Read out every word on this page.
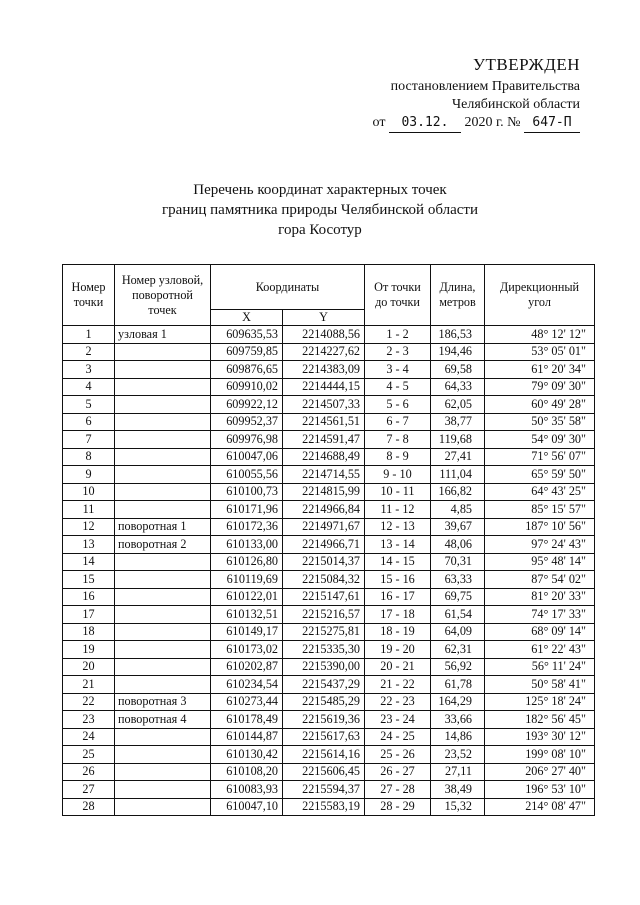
УТВЕРЖДЕН
постановлением Правительства
Челябинской области
от 03.12. 2020 г. № 647-П
Перечень координат характерных точек
границ памятника природы Челябинской области
гора Косотур
Номер точки	Номер узловой, поворотной точек	Координаты		От точки до точки	Длина, метров	Дирекционный угол
		X	Y			
1	узловая 1	609635,53	2214088,56	1 - 2	186,53	48° 12' 12"
2		609759,85	2214227,62	2 - 3	194,46	53° 05' 01"
3		609876,65	2214383,09	3 - 4	69,58	61° 20' 34"
4		609910,02	2214444,15	4 - 5	64,33	79° 09' 30"
5		609922,12	2214507,33	5 - 6	62,05	60° 49' 28"
6		609952,37	2214561,51	6 - 7	38,77	50° 35' 58"
7		609976,98	2214591,47	7 - 8	119,68	54° 09' 30"
8		610047,06	2214688,49	8 - 9	27,41	71° 56' 07"
9		610055,56	2214714,55	9 - 10	111,04	65° 59' 50"
10		610100,73	2214815,99	10 - 11	166,82	64° 43' 25"
11		610171,96	2214966,84	11 - 12	4,85	85° 15' 57"
12	поворотная 1	610172,36	2214971,67	12 - 13	39,67	187° 10' 56"
13	поворотная 2	610133,00	2214966,71	13 - 14	48,06	97° 24' 43"
14		610126,80	2215014,37	14 - 15	70,31	95° 48' 14"
15		610119,69	2215084,32	15 - 16	63,33	87° 54' 02"
16		610122,01	2215147,61	16 - 17	69,75	81° 20' 33"
17		610132,51	2215216,57	17 - 18	61,54	74° 17' 33"
18		610149,17	2215275,81	18 - 19	64,09	68° 09' 14"
19		610173,02	2215335,30	19 - 20	62,31	61° 22' 43"
20		610202,87	2215390,00	20 - 21	56,92	56° 11' 24"
21		610234,54	2215437,29	21 - 22	61,78	50° 58' 41"
22	поворотная 3	610273,44	2215485,29	22 - 23	164,29	125° 18' 24"
23	поворотная 4	610178,49	2215619,36	23 - 24	33,66	182° 56' 45"
24		610144,87	2215617,63	24 - 25	14,86	193° 30' 12"
25		610130,42	2215614,16	25 - 26	23,52	199° 08' 10"
26		610108,20	2215606,45	26 - 27	27,11	206° 27' 40"
27		610083,93	2215594,37	27 - 28	38,49	196° 53' 10"
28		610047,10	2215583,19	28 - 29	15,32	214° 08' 47"
